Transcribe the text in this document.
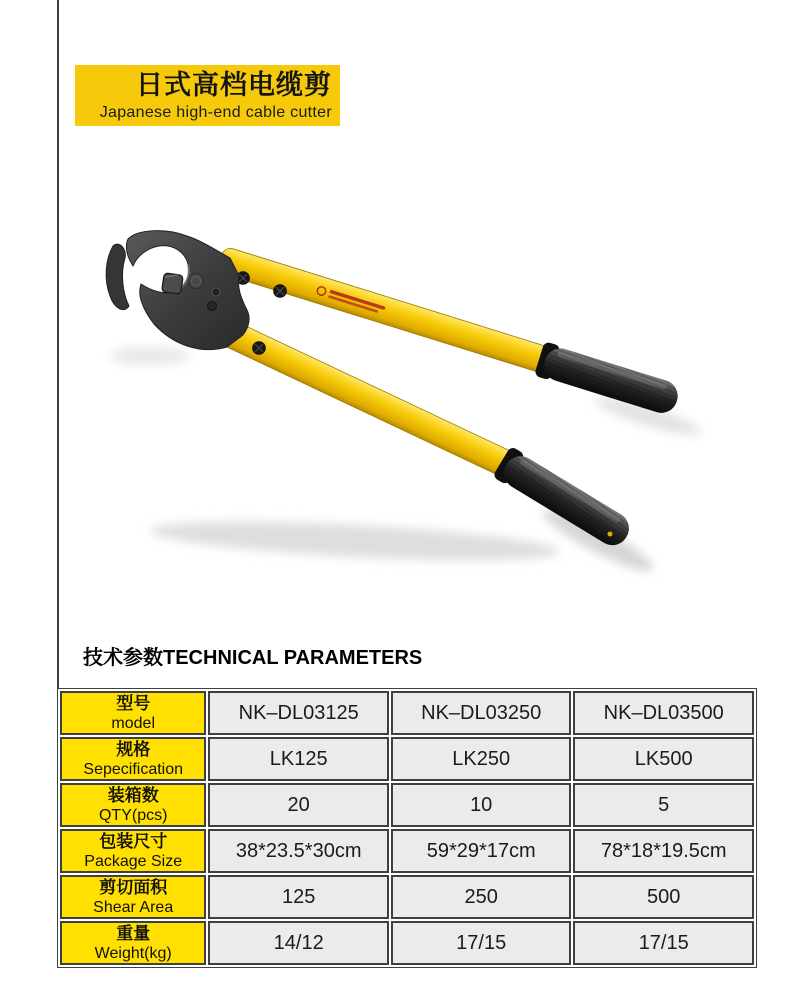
日式高档电缆剪
Japanese high-end cable cutter
技术参数TECHNICAL PARAMETERS
型号
model	NK–DL03125	NK–DL03250	NK–DL03500

规格
Sepecification	LK125	LK250	LK500

装箱数
QTY(pcs)	20	10	5

包装尺寸
Package Size	38*23.5*30cm	59*29*17cm	78*18*19.5cm

剪切面积
Shear Area	125	250	500

重量
Weight(kg)	14/12	17/15	17/15
